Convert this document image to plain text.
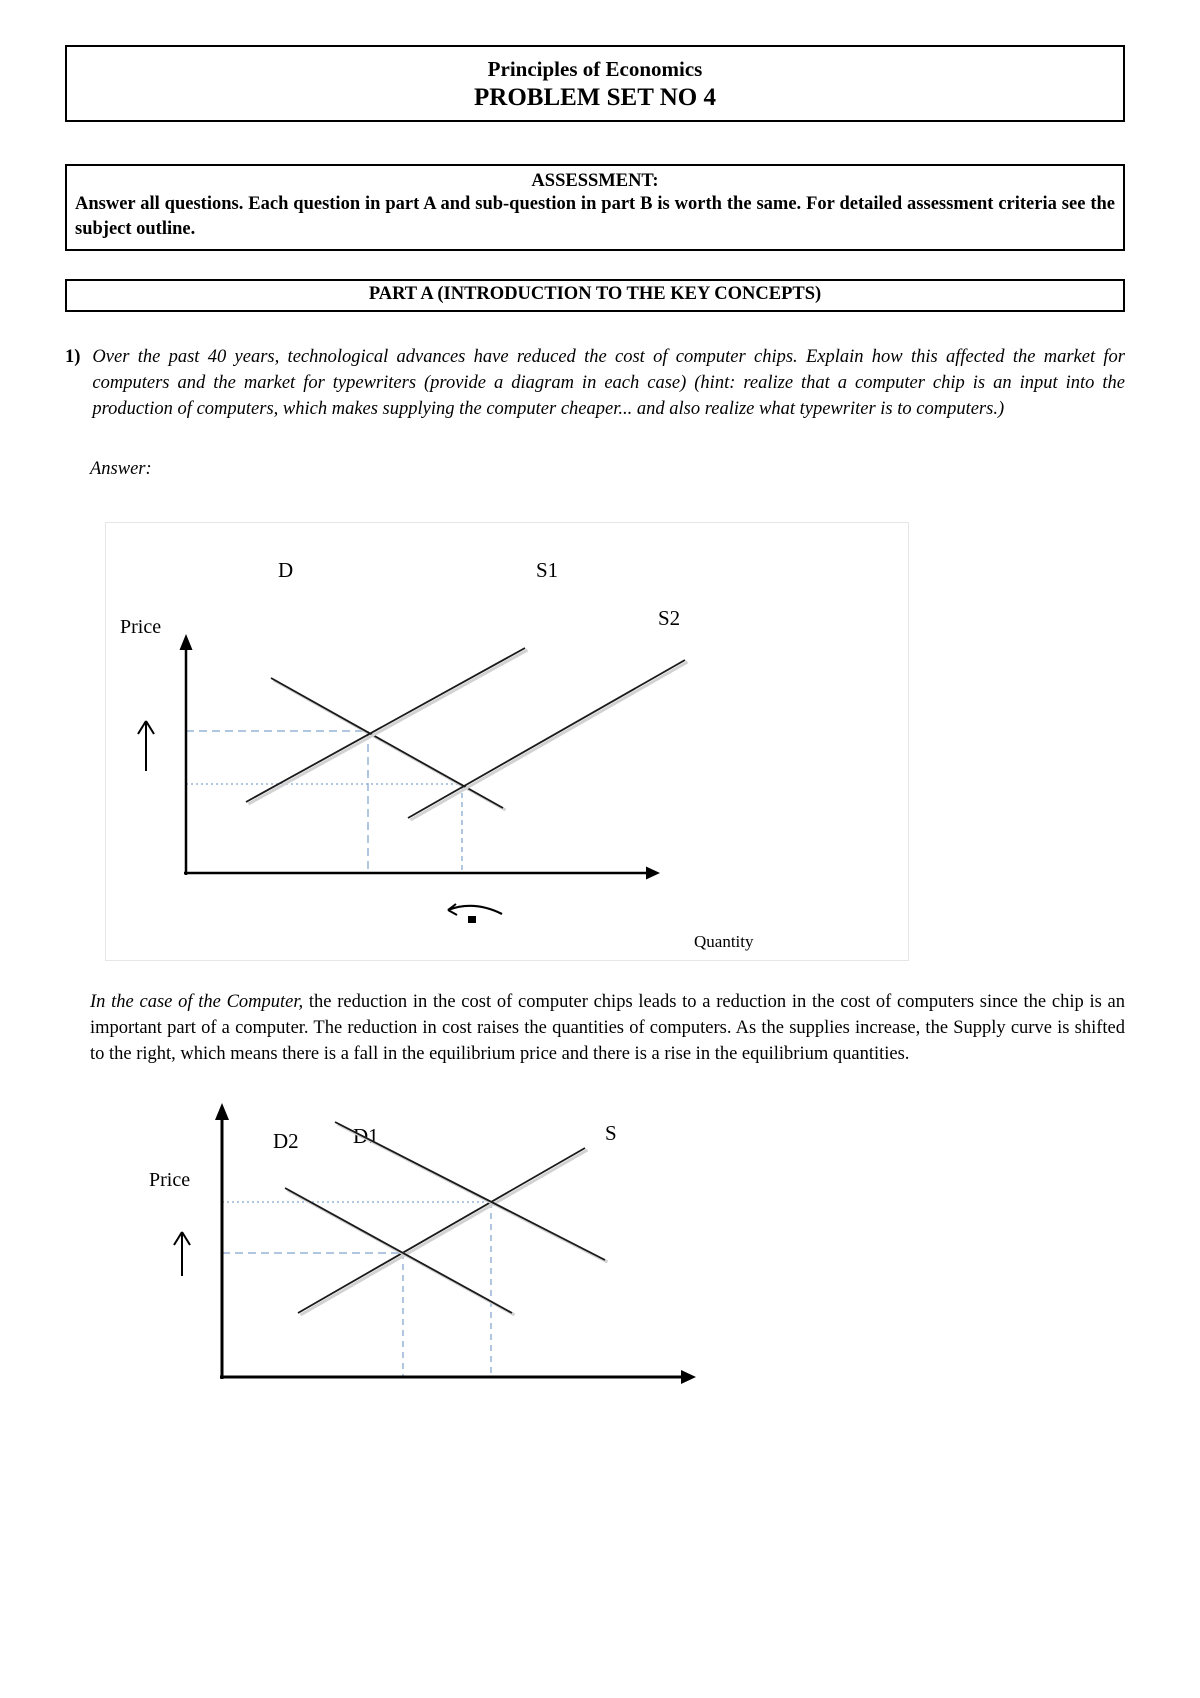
Principles of Economics
PROBLEM SET NO 4
ASSESSMENT:
Answer all questions. Each question in part A and sub-question in part B is worth the same. For detailed assessment criteria see the subject outline.
PART A (INTRODUCTION TO THE KEY CONCEPTS)
1) Over the past 40 years, technological advances have reduced the cost of computer chips. Explain how this affected the market for computers and the market for typewriters (provide a diagram in each case) (hint: realize that a computer chip is an input into the production of computers, which makes supplying the computer cheaper... and also realize what typewriter is to computers.)
Answer:
D	S1
S2
Price
Quantity
In the case of the Computer, the reduction in the cost of computer chips leads to a reduction in the cost of computers since the chip is an important part of a computer. The reduction in cost raises the quantities of computers. As the supplies increase, the Supply curve is shifted to the right, which means there is a fall in the equilibrium price and there is a rise in the equilibrium quantities.
D2	D1	S
Price
